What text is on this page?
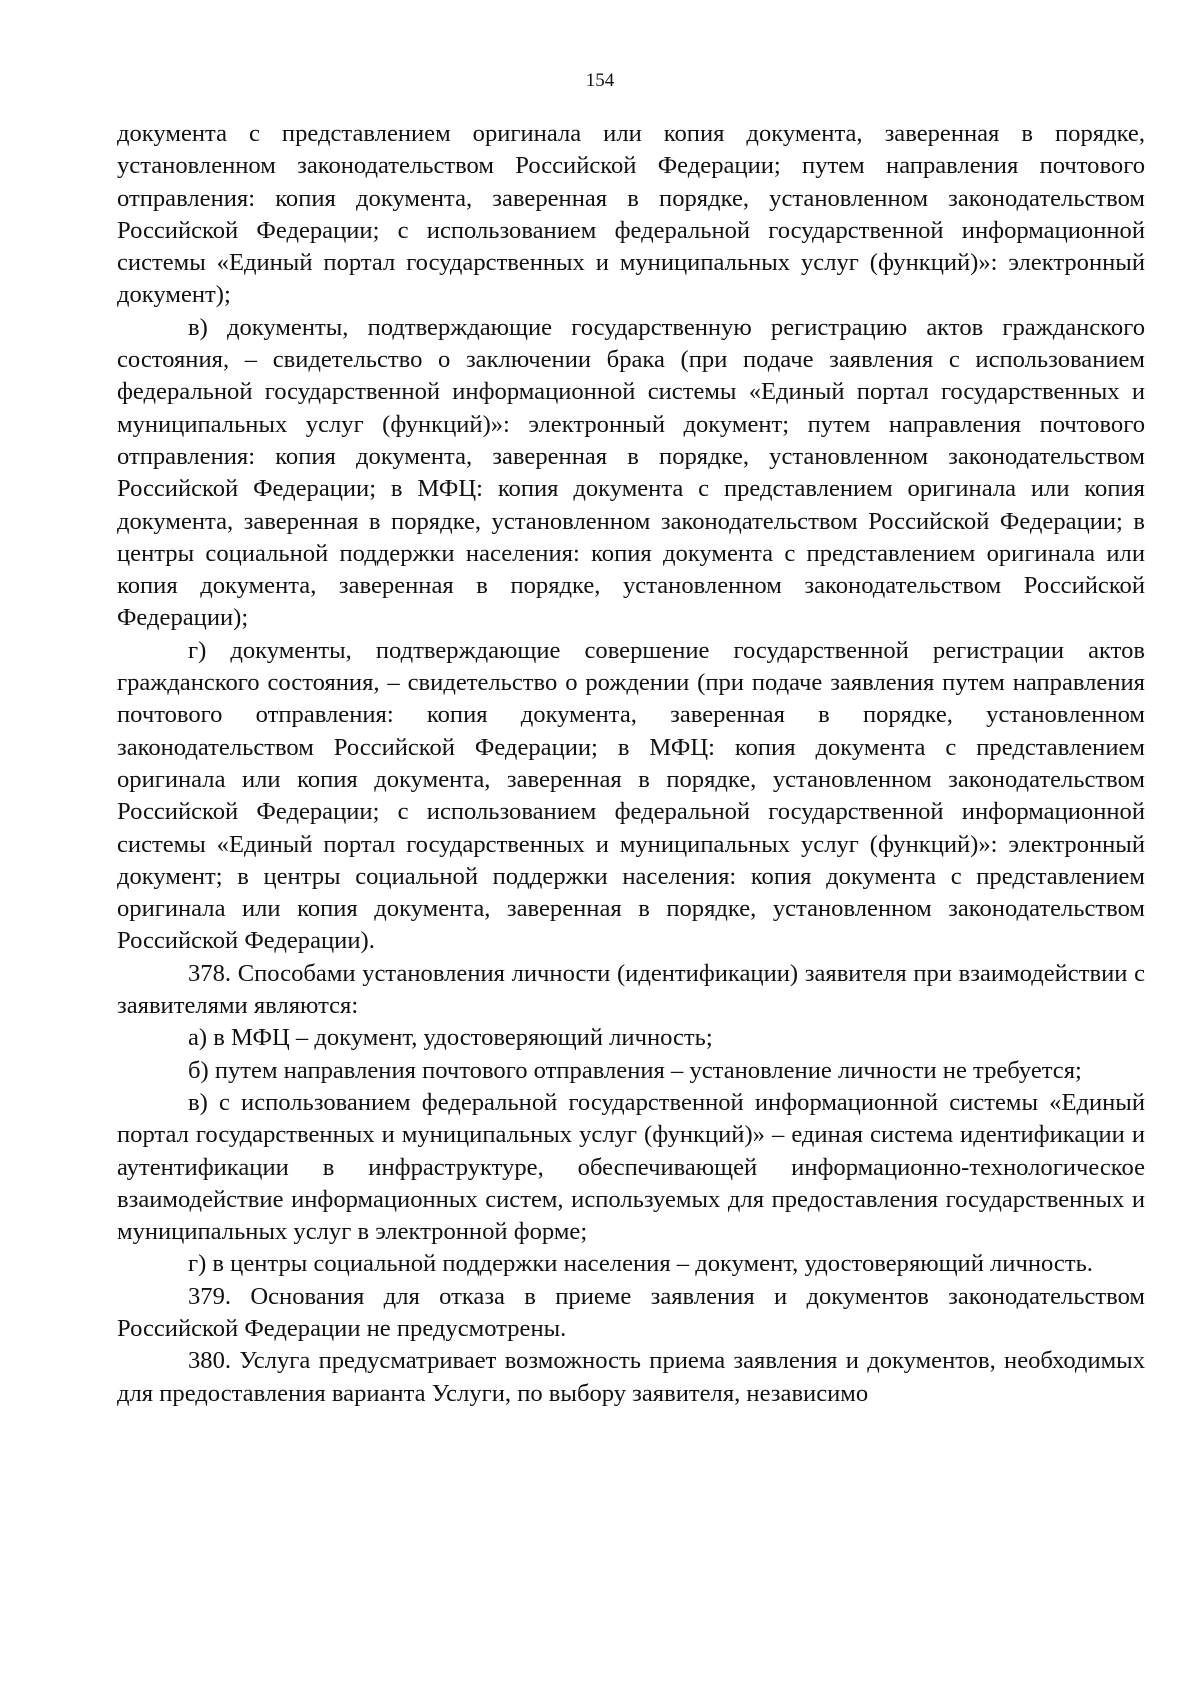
154

документа с представлением оригинала или копия документа, заверенная в порядке, установленном законодательством Российской Федерации; путем направления почтового отправления: копия документа, заверенная в порядке, установленном законодательством Российской Федерации; с использованием федеральной государственной информационной системы «Единый портал государственных и муниципальных услуг (функций)»: электронный документ);

в) документы, подтверждающие государственную регистрацию актов гражданского состояния, – свидетельство о заключении брака (при подаче заявления с использованием федеральной государственной информационной системы «Единый портал государственных и муниципальных услуг (функций)»: электронный документ; путем направления почтового отправления: копия документа, заверенная в порядке, установленном законодательством Российской Федерации; в МФЦ: копия документа с представлением оригинала или копия документа, заверенная в порядке, установленном законодательством Российской Федерации; в центры социальной поддержки населения: копия документа с представлением оригинала или копия документа, заверенная в порядке, установленном законодательством Российской Федерации);

г) документы, подтверждающие совершение государственной регистрации актов гражданского состояния, – свидетельство о рождении (при подаче заявления путем направления почтового отправления: копия документа, заверенная в порядке, установленном законодательством Российской Федерации; в МФЦ: копия документа с представлением оригинала или копия документа, заверенная в порядке, установленном законодательством Российской Федерации; с использованием федеральной государственной информационной системы «Единый портал государственных и муниципальных услуг (функций)»: электронный документ; в центры социальной поддержки населения: копия документа с представлением оригинала или копия документа, заверенная в порядке, установленном законодательством Российской Федерации).

378. Способами установления личности (идентификации) заявителя при взаимодействии с заявителями являются:

а) в МФЦ – документ, удостоверяющий личность;

б) путем направления почтового отправления – установление личности не требуется;

в) с использованием федеральной государственной информационной системы «Единый портал государственных и муниципальных услуг (функций)» – единая система идентификации и аутентификации в инфраструктуре, обеспечивающей информационно-технологическое взаимодействие информационных систем, используемых для предоставления государственных и муниципальных услуг в электронной форме;

г) в центры социальной поддержки населения – документ, удостоверяющий личность.

379. Основания для отказа в приеме заявления и документов законодательством Российской Федерации не предусмотрены.

380. Услуга предусматривает возможность приема заявления и документов, необходимых для предоставления варианта Услуги, по выбору заявителя, независимо
